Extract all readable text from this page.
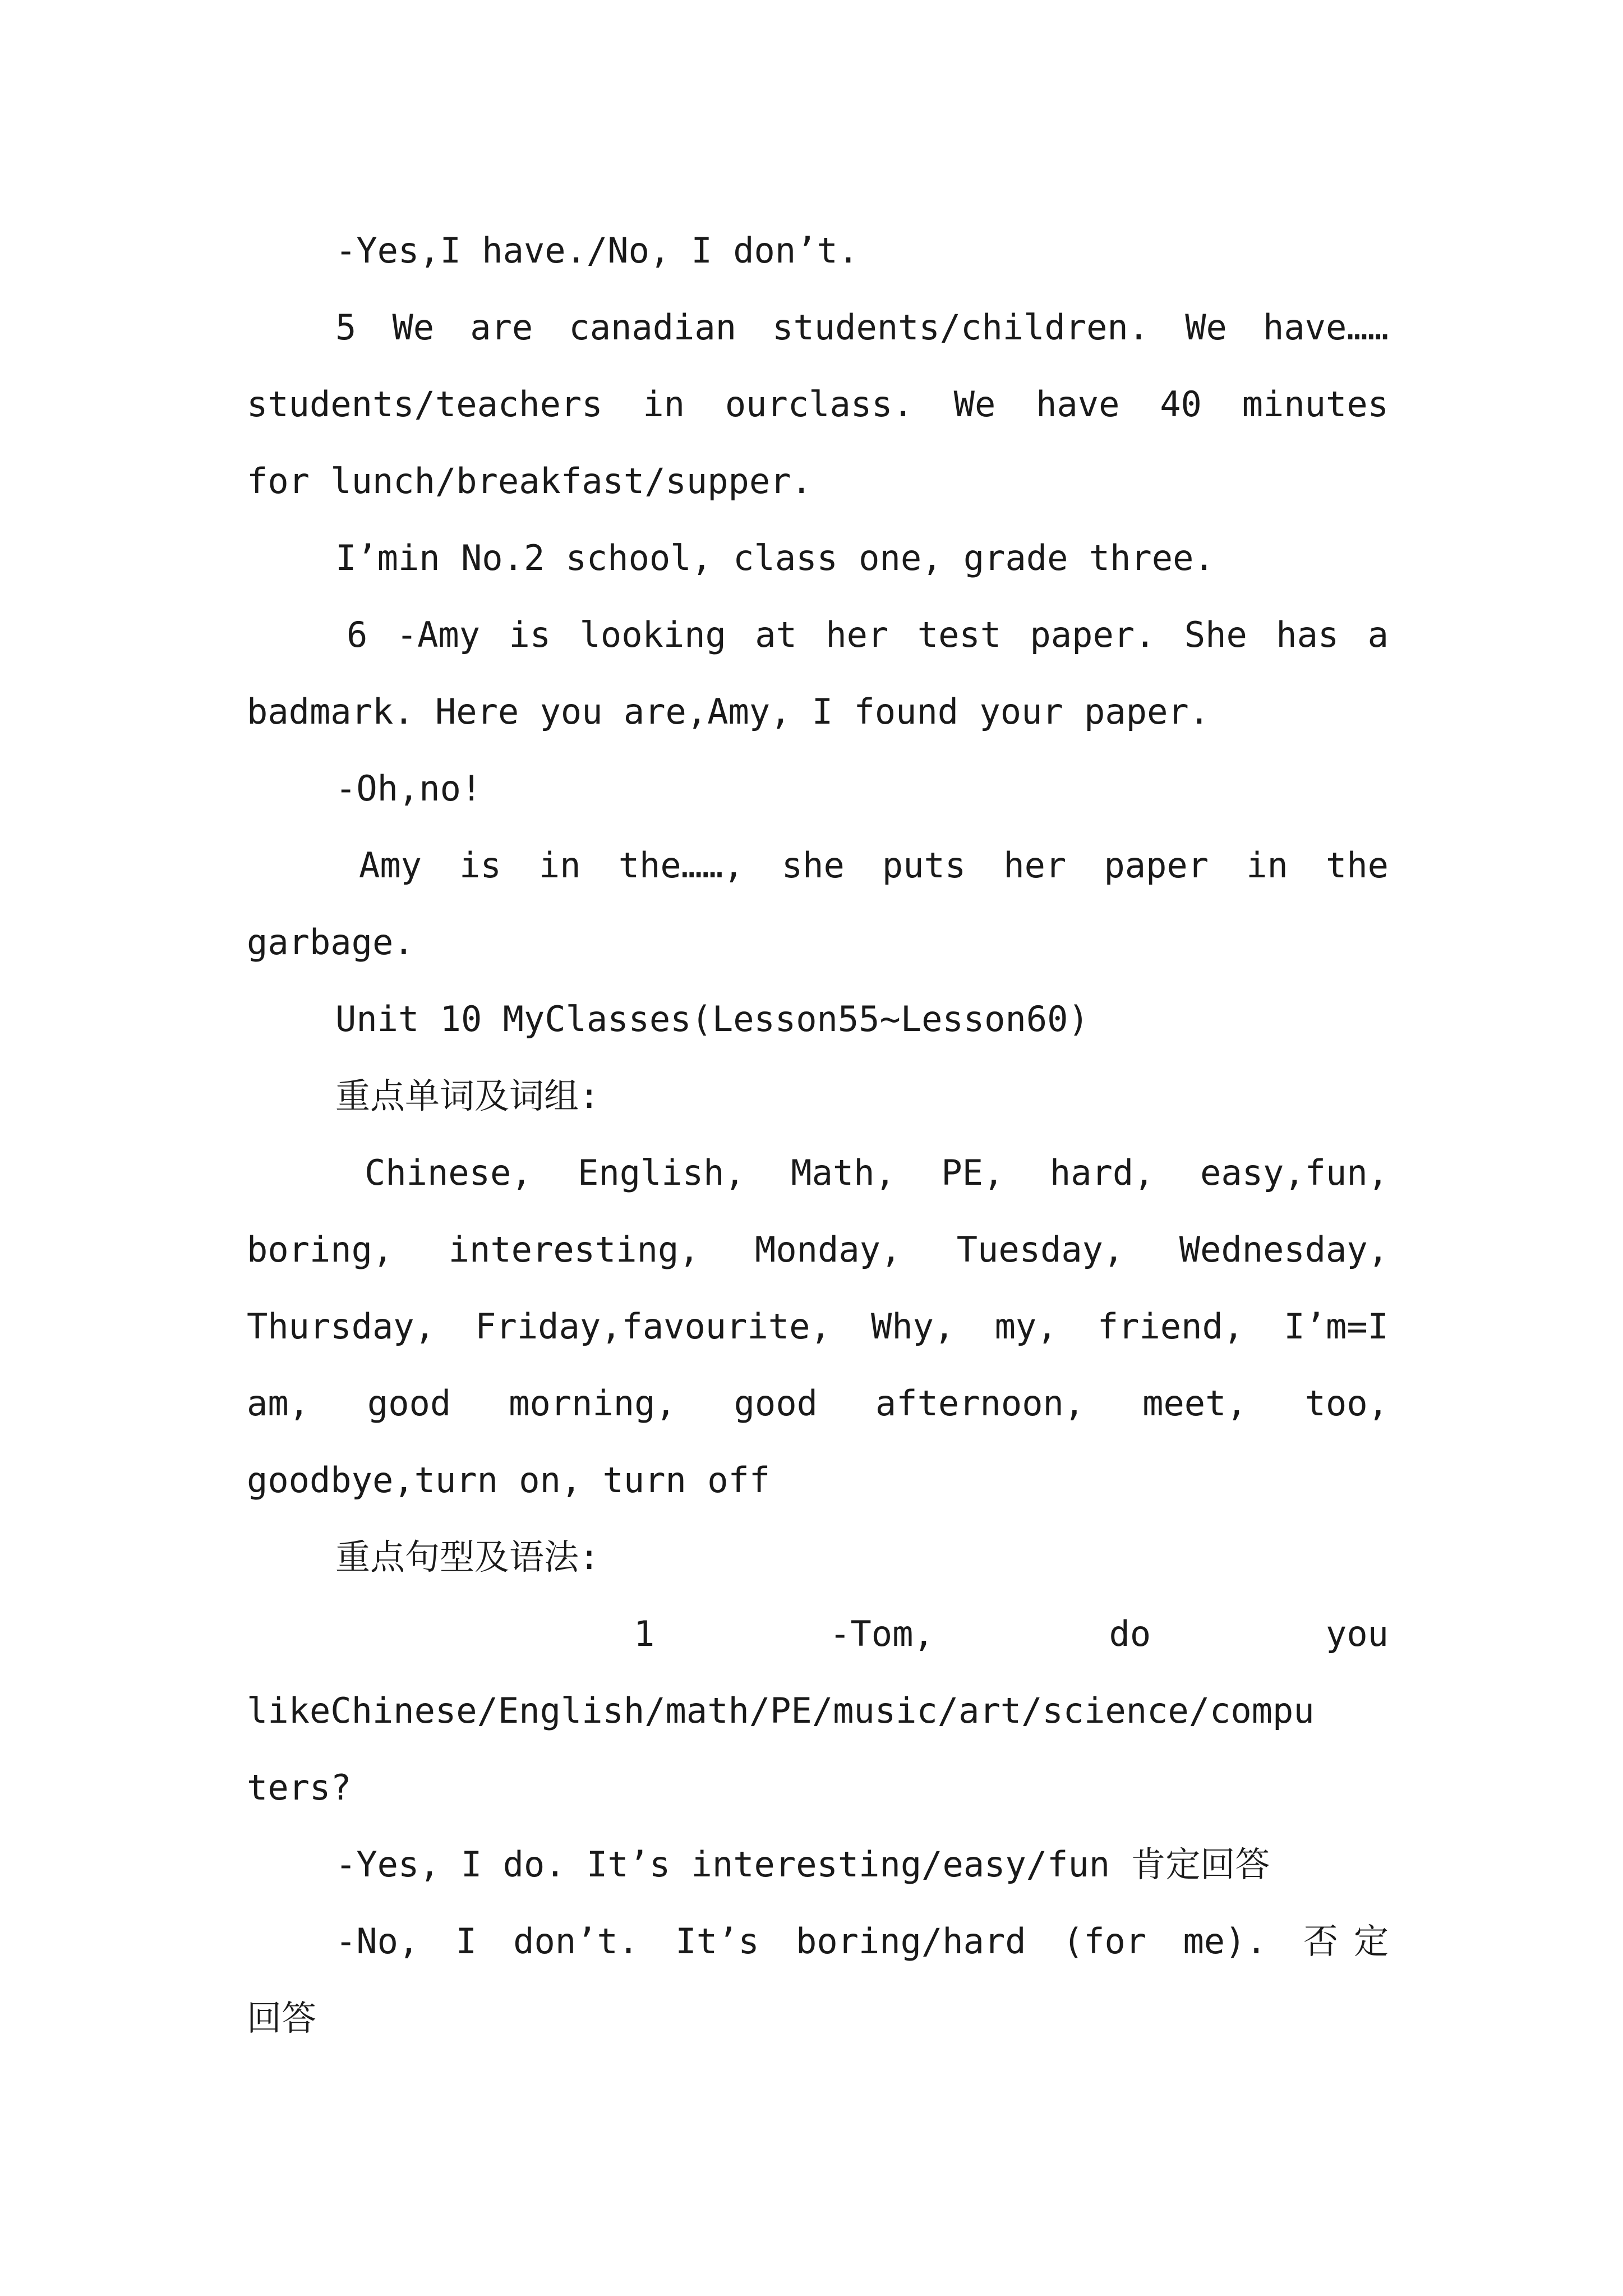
-Yes,I have./No, I don’t.
5 We are canadian students/children. We have……
students/teachers in ourclass. We have 40 minutes
for lunch/breakfast/supper.
I’min No.2 school, class one, grade three.
6 -Amy is looking at her test paper. She has a
badmark. Here you are,Amy, I found your paper.
-Oh,no!
Amy is in the……, she puts her paper in the
garbage.
Unit 10 MyClasses(Lesson55~Lesson60)
重点单词及词组:
Chinese, English, Math, PE, hard, easy,fun,
boring, interesting, Monday, Tuesday, Wednesday,
Thursday, Friday,favourite, Why, my, friend, I’m=I
am, good morning, good afternoon, meet, too,
goodbye,turn on, turn off
重点句型及语法:
1 -Tom, do you
likeChinese/English/math/PE/music/art/science/compu
ters?
-Yes, I do. It’s interesting/easy/fun 肯定回答
-No, I don’t. It’s boring/hard (for me). 否定
回答
